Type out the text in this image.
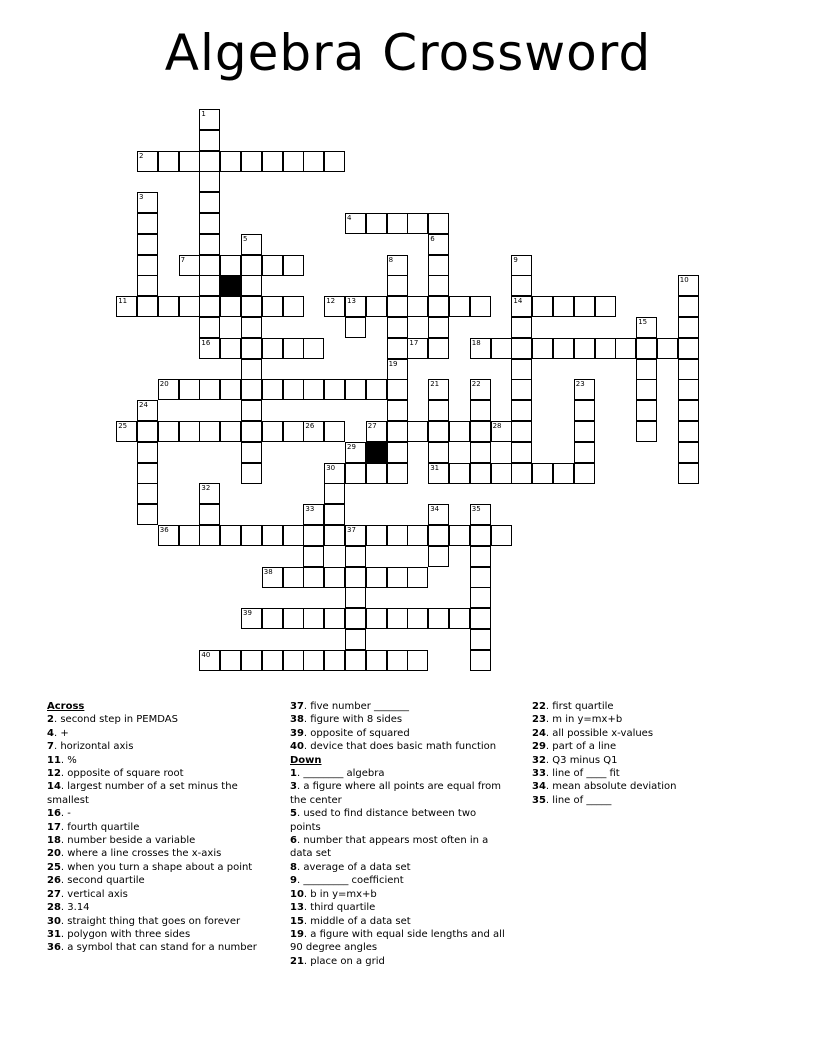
Algebra Crossword
1
2
3
4
5	6
7	8	9
10
11	12 13	14
15
16	17	18
19
20	21	22	23
24
25	26	27	28
29
30	31
32
33	34	35
36	37
38
39
40
Across
2. second step in PEMDAS
4. +
7. horizontal axis
11. %
12. opposite of square root
14. largest number of a set minus the smallest
16. -
17. fourth quartile
18. number beside a variable
20. where a line crosses the x-axis
25. when you turn a shape about a point
26. second quartile
27. vertical axis
28. 3.14
30. straight thing that goes on forever
31. polygon with three sides
36. a symbol that can stand for a number
37. five number _______
38. figure with 8 sides
39. opposite of squared
40. device that does basic math function
Down
1. ________ algebra
3. a figure where all points are equal from the center
5. used to find distance between two points
6. number that appears most often in a data set
8. average of a data set
9. _________ coefficient
10. b in y=mx+b
13. third quartile
15. middle of a data set
19. a figure with equal side lengths and all 90 degree angles
21. place on a grid
22. first quartile
23. m in y=mx+b
24. all possible x-values
29. part of a line
32. Q3 minus Q1
33. line of ____ fit
34. mean absolute deviation
35. line of _____
